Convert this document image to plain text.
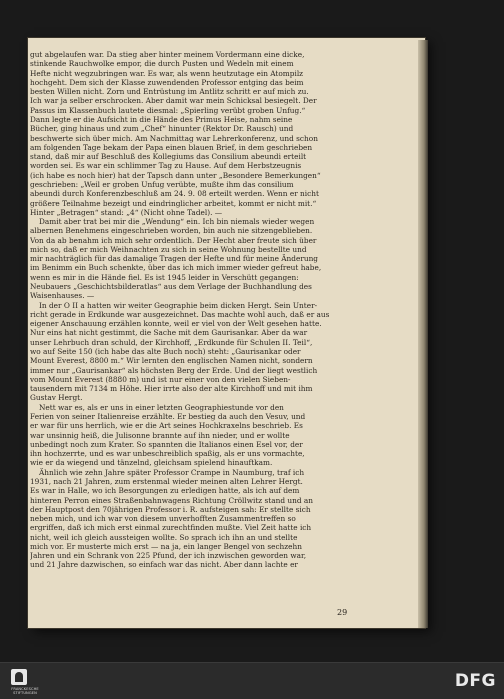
gut abgelaufen war. Da stieg aber hinter meinem Vordermann eine dicke,
stinkende Rauchwolke empor, die durch Pusten und Wedeln mit einem
Hefte nicht wegzubringen war. Es war, als wenn heutzutage ein Atompilz
hochgeht. Dem sich der Klasse zuwendenden Professor entging das beim
besten Willen nicht. Zorn und Entrüstung im Antlitz schritt er auf mich zu.
Ich war ja selber erschrocken. Aber damit war mein Schicksal besiegelt. Der
Passus im Klassenbuch lautete diesmal: „Spierling verübt groben Unfug.“
Dann legte er die Aufsicht in die Hände des Primus Heise, nahm seine
Bücher, ging hinaus und zum „Chef“ hinunter (Rektor Dr. Rausch) und
beschwerte sich über mich. Am Nachmittag war Lehrerkonferenz, und schon
am folgenden Tage bekam der Papa einen blauen Brief, in dem geschrieben
stand, daß mir auf Beschluß des Kollegiums das Consilium abeundi erteilt
worden sei. Es war ein schlimmer Tag zu Hause. Auf dem Herbstzeugnis
(ich habe es noch hier) hat der Tapsch dann unter „Besondere Bemerkungen“
geschrieben: „Weil er groben Unfug verübte, mußte ihm das consilium
abeundi durch Konferenzbeschluß am 24. 9. 08 erteilt werden. Wenn er nicht
größere Teilnahme bezeigt und eindringlicher arbeitet, kommt er nicht mit.“
Hinter „Betragen“ stand: „4“ (Nicht ohne Tadel). —
Damit aber trat bei mir die „Wendung“ ein. Ich bin niemals wieder wegen
albernen Benehmens eingeschrieben worden, bin auch nie sitzengeblieben.
Von da ab benahm ich mich sehr ordentlich. Der Hecht aber freute sich über
mich so, daß er mich Weihnachten zu sich in seine Wohnung bestellte und
mir nachträglich für das damalige Tragen der Hefte und für meine Änderung
im Benimm ein Buch schenkte, über das ich mich immer wieder gefreut habe,
wenn es mir in die Hände fiel. Es ist 1945 leider in Verschütt gegangen:
Neubauers „Geschichtsbilderatlas“ aus dem Verlage der Buchhandlung des
Waisenhauses. —
In der O II a hatten wir weiter Geographie beim dicken Hergt. Sein Unter-
richt gerade in Erdkunde war ausgezeichnet. Das machte wohl auch, daß er aus
eigener Anschauung erzählen konnte, weil er viel von der Welt gesehen hatte.
Nur eins hat nicht gestimmt, die Sache mit dem Gaurisankar. Aber da war
unser Lehrbuch dran schuld, der Kirchhoff, „Erdkunde für Schulen II. Teil“,
wo auf Seite 150 (ich habe das alte Buch noch) steht: „Gaurisankar oder
Mount Everest, 8800 m.“ Wir lernten den englischen Namen nicht, sondern
immer nur „Gaurisankar“ als höchsten Berg der Erde. Und der liegt westlich
vom Mount Everest (8880 m) und ist nur einer von den vielen Sieben-
tausendern mit 7134 m Höhe. Hier irrte also der alte Kirchhoff und mit ihm
Gustav Hergt.
Nett war es, als er uns in einer letzten Geographiestunde vor den
Ferien von seiner Italienreise erzählte. Er bestieg da auch den Vesuv, und
er war für uns herrlich, wie er die Art seines Hochkraxelns beschrieb. Es
war unsinnig heiß, die Julisonne brannte auf ihn nieder, und er wollte
unbedingt noch zum Krater. So spannten die Italianos einen Esel vor, der
ihn hochzerrte, und es war unbeschreiblich spaßig, als er uns vormachte,
wie er da wiegend und tänzelnd, gleichsam spielend hinauftkam.
Ähnlich wie zehn Jahre später Professor Crampe in Naumburg, traf ich
1931, nach 21 Jahren, zum erstenmal wieder meinen alten Lehrer Hergt.
Es war in Halle, wo ich Besorgungen zu erledigen hatte, als ich auf dem
hinteren Perron eines Straßenbahnwagens Richtung Cröllwitz stand und an
der Hauptpost den 70jährigen Professor i. R. aufsteigen sah: Er stellte sich
neben mich, und ich war von diesem unverhofften Zusammentreffen so
ergriffen, daß ich mich erst einmal zurechtfinden mußte. Viel Zeit hatte ich
nicht, weil ich gleich aussteigen wollte. So sprach ich ihn an und stellte
mich vor. Er musterte mich erst — na ja, ein langer Bengel von sechzehn
Jahren und ein Schrank von 225 Pfund, der ich inzwischen geworden war,
und 21 Jahre dazwischen, so einfach war das nicht. Aber dann lachte er
29
FRANCKESCHE STIFTUNGEN
DFG
